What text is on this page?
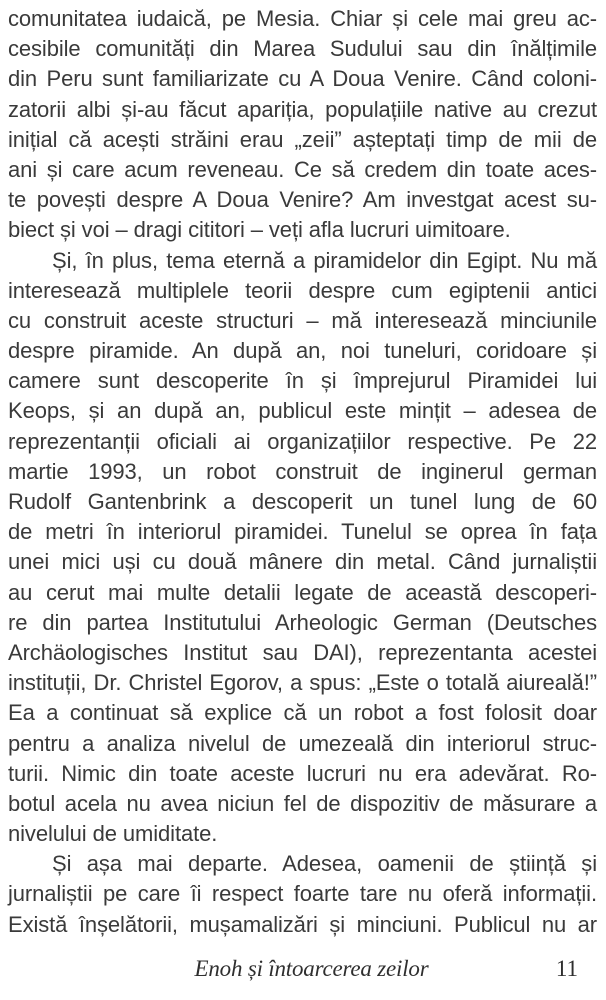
comunitatea iudaică, pe Mesia. Chiar și cele mai greu ac-
cesibile comunități din Marea Sudului sau din înălțimile
din Peru sunt familiarizate cu A Doua Venire. Când coloni-
zatorii albi și-au făcut apariția, populațiile native au crezut
inițial că acești străini erau „zeii” așteptați timp de mii de
ani și care acum reveneau. Ce să credem din toate aces-
te povești despre A Doua Venire? Am investgat acest su-
biect și voi – dragi cititori – veți afla lucruri uimitoare.
Și, în plus, tema eternă a piramidelor din Egipt. Nu mă
interesează multiplele teorii despre cum egiptenii antici
cu construit aceste structuri – mă interesează minciunile
despre piramide. An după an, noi tuneluri, coridoare și
camere sunt descoperite în și împrejurul Piramidei lui
Keops, și an după an, publicul este mințit – adesea de
reprezentanții oficiali ai organizațiilor respective. Pe 22
martie 1993, un robot construit de inginerul german
Rudolf Gantenbrink a descoperit un tunel lung de 60
de metri în interiorul piramidei. Tunelul se oprea în fața
unei mici uși cu două mânere din metal. Când jurnaliștii
au cerut mai multe detalii legate de această descoperi-
re din partea Institutului Arheologic German (Deutsches
Archäologisches Institut sau DAI), reprezentanta acestei
instituții, Dr. Christel Egorov, a spus: „Este o totală aiureală!”
Ea a continuat să explice că un robot a fost folosit doar
pentru a analiza nivelul de umezeală din interiorul struc-
turii. Nimic din toate aceste lucruri nu era adevărat. Ro-
botul acela nu avea niciun fel de dispozitiv de măsurare a
nivelului de umiditate.
Și așa mai departe. Adesea, oamenii de știință și
jurnaliștii pe care îi respect foarte tare nu oferă informații.
Există înșelătorii, mușamalizări și minciuni. Publicul nu ar
Enoh și întoarcerea zeilor	11
